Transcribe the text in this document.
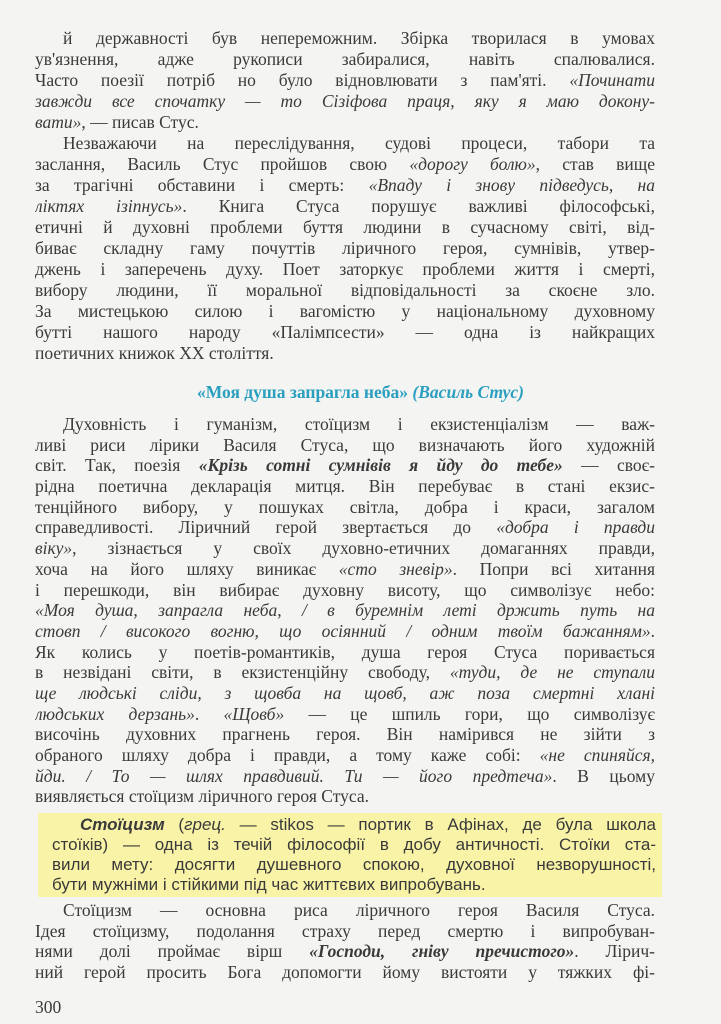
й державності був непереможним. Збірка творилася в умовах
ув'язнення, адже рукописи забиралися, навіть спалювалися.
Часто поезії потріб но було відновлювати з пам'яті. «Починати
завжди все спочатку — то Сізіфова праця, яку я маю докону-
вати», — писав Стус.
Незважаючи на переслідування, судові процеси, табори та
заслання, Василь Стус пройшов свою «дорогу болю», став вище
за трагічні обставини і смерть: «Впаду і знову підведусь, на
ліктях ізіпнусь». Книга Стуса порушує важливі філософські,
етичні й духовні проблеми буття людини в сучасному світі, від-
биває складну гаму почуттів ліричного героя, сумнівів, утвер-
джень і заперечень духу. Поет заторкує проблеми життя і смерті,
вибору людини, її моральної відповідальності за скоєне зло.
За мистецькою силою і вагомістю у національному духовному
бутті нашого народу «Палімпсести» — одна із найкращих
поетичних книжок XX століття.
«Моя душа запрагла неба» (Василь Стус)
Духовність і гуманізм, стоїцизм і екзистенціалізм — важ-
ливі риси лірики Василя Стуса, що визначають його художній
світ. Так, поезія «Крізь сотні сумнівів я йду до тебе» — своє-
рідна поетична декларація митця. Він перебуває в стані екзис-
тенційного вибору, у пошуках світла, добра і краси, загалом
справедливості. Ліричний герой звертається до «добра і правди
віку», зізнається у своїх духовно-етичних домаганнях правди,
хоча на його шляху виникає «сто зневір». Попри всі хитання
і перешкоди, він вибирає духовну висоту, що символізує небо:
«Моя душа, запрагла неба, / в буремнім леті држить путь на
стовп / високого вогню, що осіянний / одним твоїм бажанням».
Як колись у поетів-романтиків, душа героя Стуса поривається
в незвідані світи, в екзистенційну свободу, «туди, де не ступали
ще людські сліди, з щовба на щовб, аж поза смертні хлані
людських дерзань». «Щовб» — це шпиль гори, що символізує
височінь духовних прагнень героя. Він намірився не зійти з
обраного шляху добра і правди, а тому каже собі: «не спиняйся,
йди. / То — шлях правдивий. Ти — його предтеча». В цьому
виявляється стоїцизм ліричного героя Стуса.
Стоїцизм (грец. — stikos — портик в Афінах, де була школа
стоїків) — одна із течій філософії в добу античності. Стоїки ста-
вили мету: досягти душевного спокою, духовної незворушності,
бути мужніми і стійкими під час життєвих випробувань.
Стоїцизм — основна риса ліричного героя Василя Стуса.
Ідея стоїцизму, подолання страху перед смертю і випробуван-
нями долі проймає вірш «Господи, гніву пречистого». Лірич-
ний герой просить Бога допомогти йому вистояти у тяжких фі-
300
